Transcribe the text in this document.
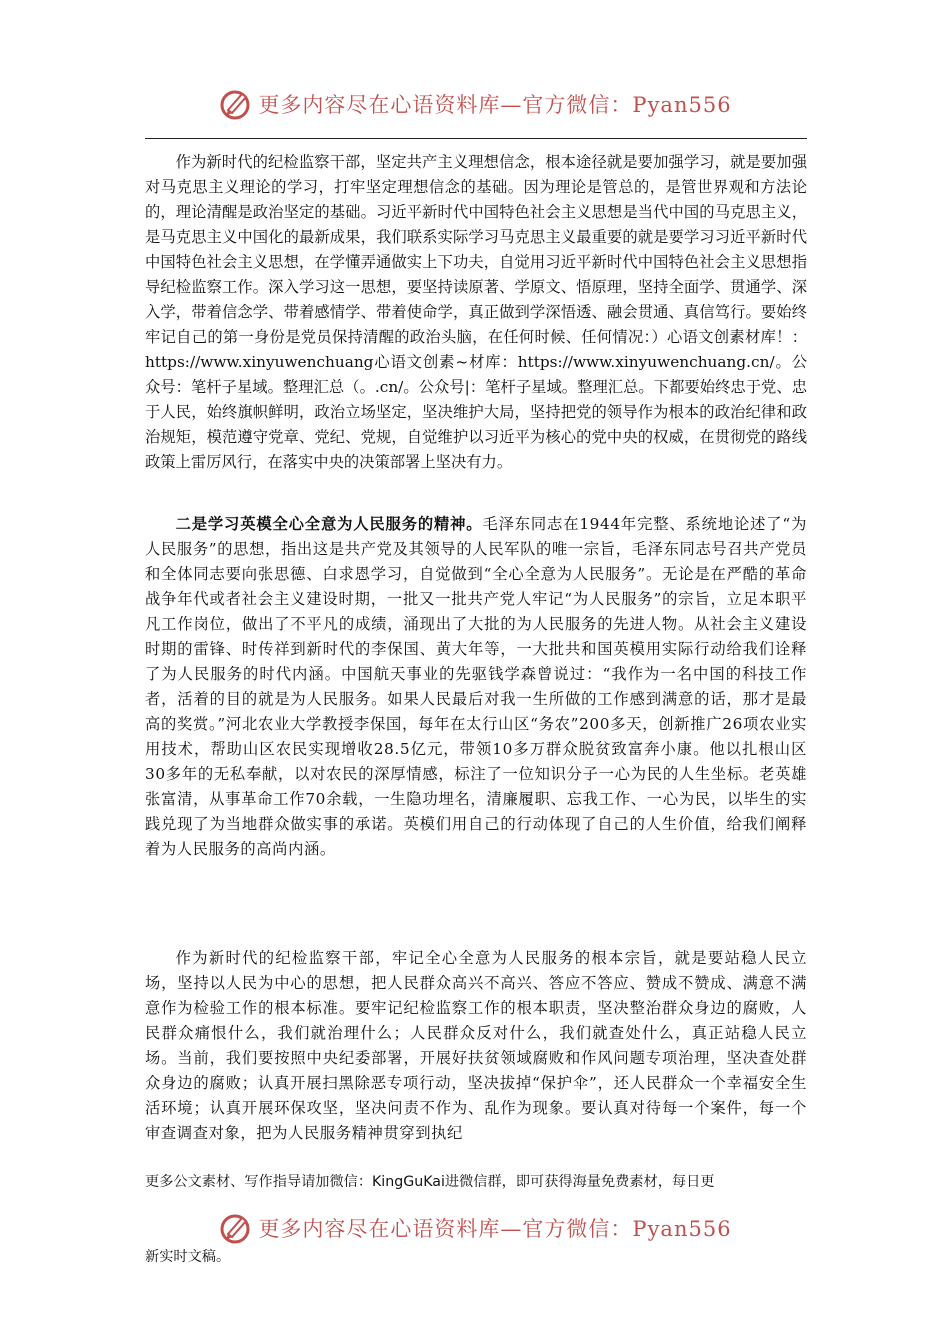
更多内容尽在心语资料库—官方微信：Pyan556

作为新时代的纪检监察干部，坚定共产主义理想信念，根本途径就是要加强学习，就是要加强对马克思主义理论的学习，打牢坚定理想信念的基础。因为理论是管总的，是管世界观和方法论的，理论清醒是政治坚定的基础。习近平新时代中国特色社会主义思想是当代中国的马克思主义，是马克思主义中国化的最新成果，我们联系实际学习马克思主义最重要的就是要学习习近平新时代中国特色社会主义思想，在学懂弄通做实上下功夫，自觉用习近平新时代中国特色社会主义思想指导纪检监察工作。深入学习这一思想，要坚持读原著、学原文、悟原理，坚持全面学、贯通学、深入学，带着信念学、带着感情学、带着使命学，真正做到学深悟透、融会贯通、真信笃行。要始终牢记自己的第一身份是党员保持清醒的政治头脑，在任何时候、任何情况：）心语文创素材库！：https://www.xinyuwenchuang心语文创素~材库：https://www.xinyuwenchuang.cn/。公众号：笔杆子星域。整理汇总（。.cn/。公众号|：笔杆子星域。整理汇总。下都要始终忠于党、忠于人民，始终旗帜鲜明，政治立场坚定，坚决维护大局，坚持把党的领导作为根本的政治纪律和政治规矩，模范遵守党章、党纪、党规，自觉维护以习近平为核心的党中央的权威，在贯彻党的路线政策上雷厉风行，在落实中央的决策部署上坚决有力。

二是学习英模全心全意为人民服务的精神。毛泽东同志在1944年完整、系统地论述了“为人民服务”的思想，指出这是共产党及其领导的人民军队的唯一宗旨，毛泽东同志号召共产党员和全体同志要向张思德、白求恩学习，自觉做到“全心全意为人民服务”。无论是在严酷的革命战争年代或者社会主义建设时期，一批又一批共产党人牢记“为人民服务”的宗旨，立足本职平凡工作岗位，做出了不平凡的成绩，涌现出了大批的为人民服务的先进人物。从社会主义建设时期的雷锋、时传祥到新时代的李保国、黄大年等，一大批共和国英模用实际行动给我们诠释了为人民服务的时代内涵。中国航天事业的先驱钱学森曾说过：“我作为一名中国的科技工作者，活着的目的就是为人民服务。如果人民最后对我一生所做的工作感到满意的话，那才是最高的奖赏。”河北农业大学教授李保国，每年在太行山区“务农”200多天，创新推广26项农业实用技术，帮助山区农民实现增收28.5亿元，带领10多万群众脱贫致富奔小康。他以扎根山区30多年的无私奉献，以对农民的深厚情感，标注了一位知识分子一心为民的人生坐标。老英雄张富清，从事革命工作70余载，一生隐功埋名，清廉履职、忘我工作、一心为民，以毕生的实践兑现了为当地群众做实事的承诺。英模们用自己的行动体现了自己的人生价值，给我们阐释着为人民服务的高尚内涵。

作为新时代的纪检监察干部，牢记全心全意为人民服务的根本宗旨，就是要站稳人民立场，坚持以人民为中心的思想，把人民群众高兴不高兴、答应不答应、赞成不赞成、满意不满意作为检验工作的根本标准。要牢记纪检监察工作的根本职责，坚决整治群众身边的腐败，人民群众痛恨什么，我们就治理什么；人民群众反对什么，我们就查处什么，真正站稳人民立场。当前，我们要按照中央纪委部署，开展好扶贫领域腐败和作风问题专项治理，坚决查处群众身边的腐败；认真开展扫黑除恶专项行动，坚决拔掉“保护伞”，还人民群众一个幸福安全生活环境；认真开展环保攻坚，坚决问责不作为、乱作为现象。要认真对待每一个案件，每一个审查调查对象，把为人民服务精神贯穿到执纪

更多公文素材、写作指导请加微信：KingGuKai进微信群，即可获得海量免费素材，每日更
更多内容尽在心语资料库—官方微信：Pyan556
新实时文稿。
